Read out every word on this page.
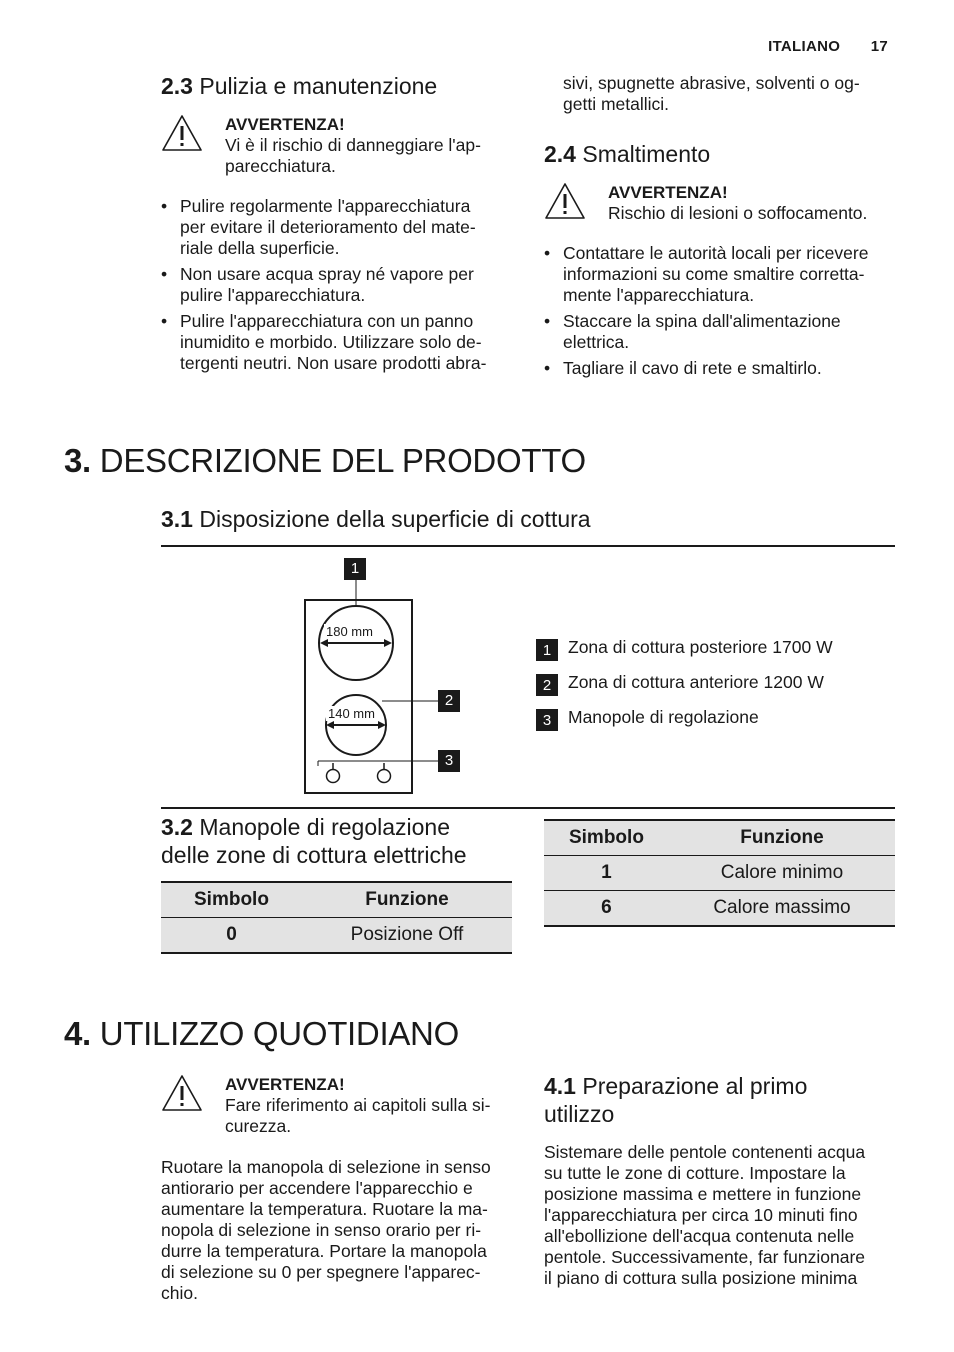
ITALIANO 17
2.3 Pulizia e manutenzione
AVVERTENZA!
Vi è il rischio di danneggiare l'ap-
parecchiatura.
• Pulire regolarmente l'apparecchiatura
per evitare il deterioramento del mate-
riale della superficie.
• Non usare acqua spray né vapore per
pulire l'apparecchiatura.
• Pulire l'apparecchiatura con un panno
inumidito e morbido. Utilizzare solo de-
tergenti neutri. Non usare prodotti abra-
sivi, spugnette abrasive, solventi o og-
getti metallici.
2.4 Smaltimento
AVVERTENZA!
Rischio di lesioni o soffocamento.
• Contattare le autorità locali per ricevere
informazioni su come smaltire corretta-
mente l'apparecchiatura.
• Staccare la spina dall'alimentazione
elettrica.
• Tagliare il cavo di rete e smaltirlo.
3. DESCRIZIONE DEL PRODOTTO
3.1 Disposizione della superficie di cottura
180 mm
140 mm
1
2
3
1 Zona di cottura posteriore 1700 W
2 Zona di cottura anteriore 1200 W
3 Manopole di regolazione
3.2 Manopole di regolazione
delle zone di cottura elettriche
Simbolo	Funzione
0	Posizione Off
Simbolo	Funzione
1	Calore minimo
6	Calore massimo
4. UTILIZZO QUOTIDIANO
AVVERTENZA!
Fare riferimento ai capitoli sulla si-
curezza.
Ruotare la manopola di selezione in senso
antiorario per accendere l'apparecchio e
aumentare la temperatura. Ruotare la ma-
nopola di selezione in senso orario per ri-
durre la temperatura. Portare la manopola
di selezione su 0 per spegnere l'apparec-
chio.
4.1 Preparazione al primo
utilizzo
Sistemare delle pentole contenenti acqua
su tutte le zone di cotture. Impostare la
posizione massima e mettere in funzione
l'apparecchiatura per circa 10 minuti fino
all'ebollizione dell'acqua contenuta nelle
pentole. Successivamente, far funzionare
il piano di cottura sulla posizione minima
